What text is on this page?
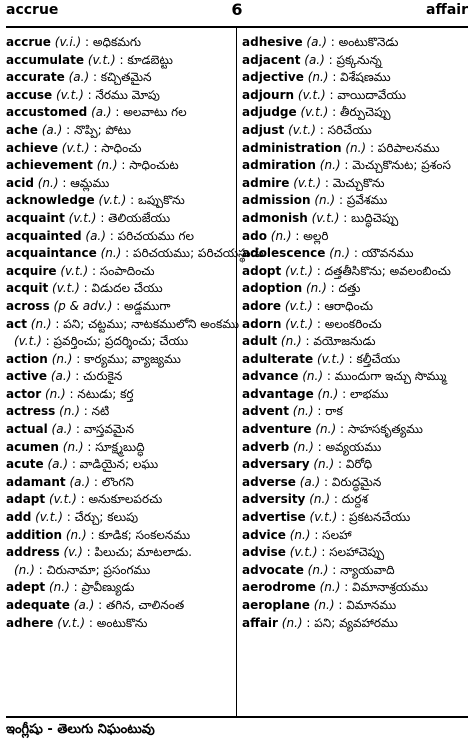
accrue	6	affair
accrue (v.i.) : అధికమగు
accumulate (v.t.) : కూడబెట్టు
accurate (a.) : కచ్చితమైన
accuse (v.t.) : నేరము మోపు
accustomed (a.) : అలవాటు గల
ache (a.) : నొప్పి; పోటు
achieve (v.t.) : సాధించు
achievement (n.) : సాధించుట
acid (n.) : ఆమ్లము
acknowledge (v.t.) : ఒప్పుకొను
acquaint (v.t.) : తెలియజేయు
acquainted (a.) : పరిచయము గల
acquaintance (n.) : పరిచయము; పరిచయస్థుడు
acquire (v.t.) : సంపాదించు
acquit (v.t.) : విడుదల చేయు
across (p & adv.) : అడ్డముగా
act (n.) : పని; చట్టము; నాటకములోని అంకము
(v.t.) : ప్రవర్తించు; ప్రదర్శించు; చేయు
action (n.) : కార్యము; వ్యాజ్యము
active (a.) : చురుకైన
actor (n.) : నటుడు; కర్త
actress (n.) : నటి
actual (a.) : వాస్తవమైన
acumen (n.) : సూక్ష్మబుద్ధి
acute (a.) : వాడియైన; లఘు
adamant (a.) : లొంగని
adapt (v.t.) : అనుకూలపరచు
add (v.t.) : చేర్చు; కలుపు
addition (n.) : కూడిక; సంకలనము
address (v.) : పిలుచు; మాటలాడు.
(n.) : చిరునామా; ప్రసంగము
adept (n.) : ప్రావీణ్యుడు
adequate (a.) : తగిన, చాలినంత
adhere (v.t.) : అంటుకొను
adhesive (a.) : అంటుకొనెడు
adjacent (a.) : ప్రక్కనున్న
adjective (n.) : విశేషణము
adjourn (v.t.) : వాయిదావేయు
adjudge (v.t.) : తీర్పుచెప్పు
adjust (v.t.) : సరిచేయు
administration (n.) : పరిపాలనము
admiration (n.) : మెచ్చుకొనుట; ప్రశంస
admire (v.t.) : మెచ్చుకొను
admission (n.) : ప్రవేశము
admonish (v.t.) : బుద్ధిచెప్పు
ado (n.) : అల్లరి
adolescence (n.) : యౌవనము
adopt (v.t.) : దత్తతీసికొను; అవలంబించు
adoption (n.) : దత్తు
adore (v.t.) : ఆరాధించు
adorn (v.t.) : అలంకరించు
adult (n.) : వయోజనుడు
adulterate (v.t.) : కల్తీచేయు
advance (n.) : ముందుగా ఇచ్చు సొమ్ము
advantage (n.) : లాభము
advent (n.) : రాక
adventure (n.) : సాహసకృత్యము
adverb (n.) : అవ్యయము
adversary (n.) : విరోధి
adverse (a.) : విరుద్ధమైన
adversity (n.) : దుర్దశ
advertise (v.t.) : ప్రకటనచేయు
advice (n.) : సలహా
advise (v.t.) : సలహాచెప్పు
advocate (n.) : న్యాయవాది
aerodrome (n.) : విమానాశ్రయము
aeroplane (n.) : విమానము
affair (n.) : పని; వ్యవహారము
ఇంగ్లీషు - తెలుగు నిఘంటువు
